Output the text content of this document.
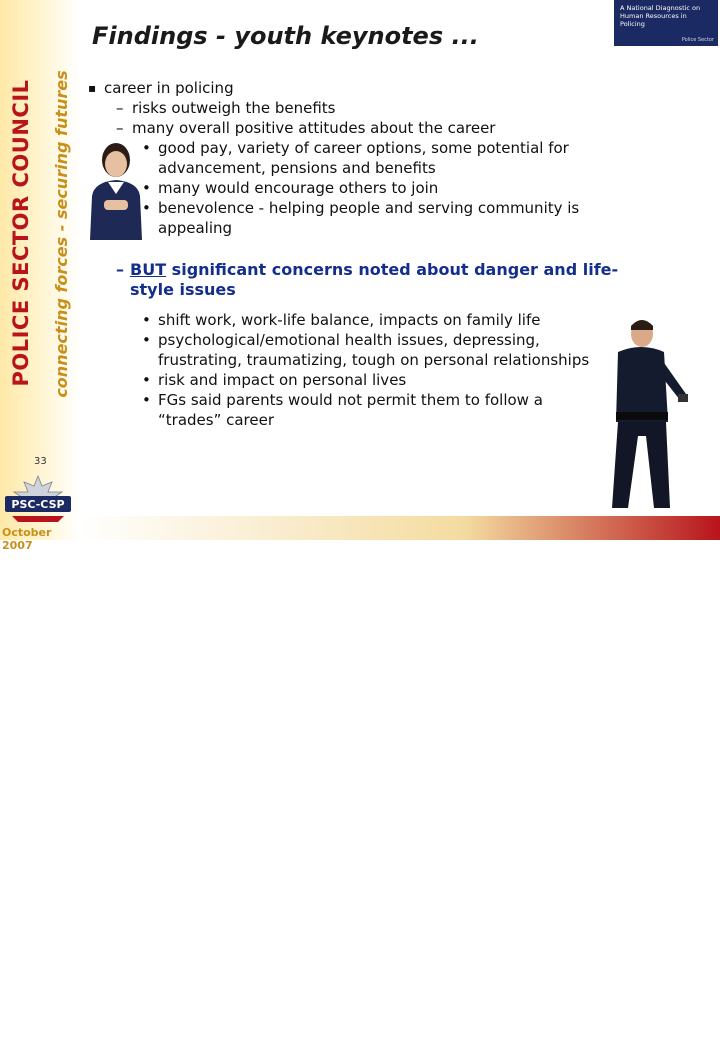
POLICE SECTOR COUNCIL connecting forces - securing futures
33
PSC-CSP
October 2007
Findings - youth keynotes ...
A National Diagnostic on Human Resources in Policing
Police Sector

▪ career in policing

– risks outweigh the benefits

– many overall positive attitudes about the career

• good pay, variety of career options, some potential for advancement, pensions and benefits

• many would encourage others to join

• benevolence - helping people and serving community is appealing

– BUT significant concerns noted about danger and life-style issues

• shift work, work-life balance, impacts on family life

• psychological/emotional health issues, depressing, frustrating, traumatizing, tough on personal relationships

• risk and impact on personal lives

• FGs said parents would not permit them to follow a “trades” career

33
